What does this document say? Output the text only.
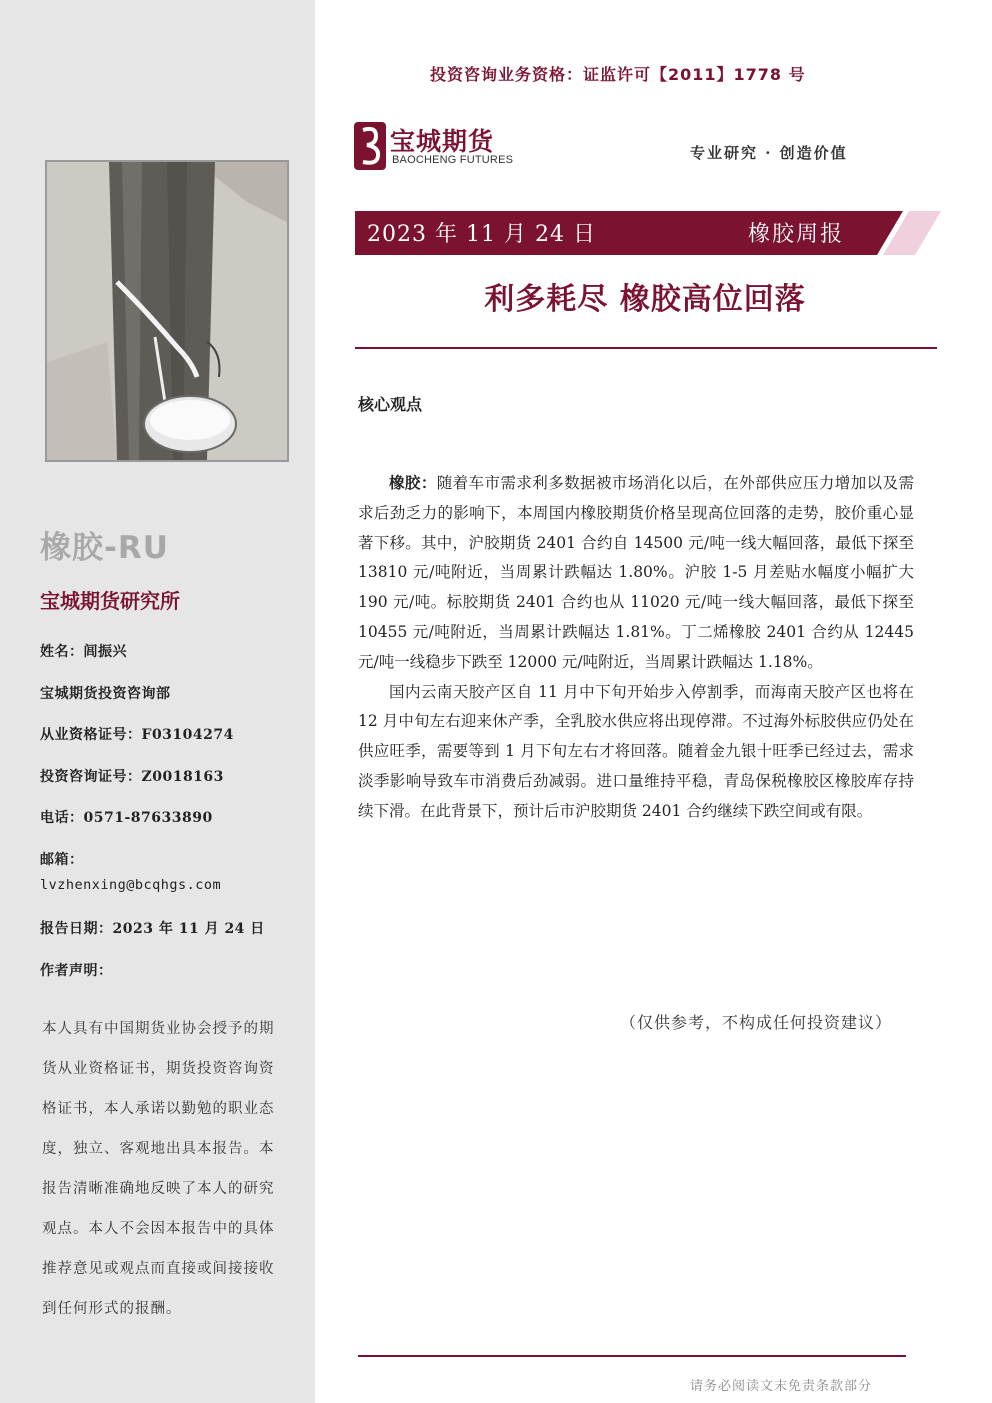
橡胶-RU
宝城期货研究所
姓名：闾振兴
宝城期货投资咨询部
从业资格证号：F03104274
投资咨询证号：Z0018163
电话：0571-87633890
邮箱：
lvzhenxing@bcqhgs.com
报告日期：2023 年 11 月 24 日
作者声明：
本人具有中国期货业协会授予的期货从业资格证书，期货投资咨询资格证书，本人承诺以勤勉的职业态度，独立、客观地出具本报告。本报告清晰准确地反映了本人的研究观点。本人不会因本报告中的具体推荐意见或观点而直接或间接接收到任何形式的报酬。
投资咨询业务资格：证监许可【2011】1778 号
宝城期货
BAOCHENG FUTURES	专业研究 · 创造价值
2023 年 11 月 24 日	橡胶周报
利多耗尽 橡胶高位回落
核心观点

橡胶：随着车市需求利多数据被市场消化以后，在外部供应压力增加以及需求后劲乏力的影响下，本周国内橡胶期货价格呈现高位回落的走势，胶价重心显著下移。其中，沪胶期货 2401 合约自 14500 元/吨一线大幅回落，最低下探至 13810 元/吨附近，当周累计跌幅达 1.80%。沪胶 1-5 月差贴水幅度小幅扩大 190 元/吨。标胶期货 2401 合约也从 11020 元/吨一线大幅回落，最低下探至 10455 元/吨附近，当周累计跌幅达 1.81%。丁二烯橡胶 2401 合约从 12445 元/吨一线稳步下跌至 12000 元/吨附近，当周累计跌幅达 1.18%。

国内云南天胶产区自 11 月中下旬开始步入停割季，而海南天胶产区也将在 12 月中旬左右迎来休产季，全乳胶水供应将出现停滞。不过海外标胶供应仍处在供应旺季，需要等到 1 月下旬左右才将回落。随着金九银十旺季已经过去，需求淡季影响导致车市消费后劲减弱。进口量维持平稳，青岛保税橡胶区橡胶库存持续下滑。在此背景下，预计后市沪胶期货 2401 合约继续下跌空间或有限。

（仅供参考，不构成任何投资建议）
请务必阅读文末免责条款部分
